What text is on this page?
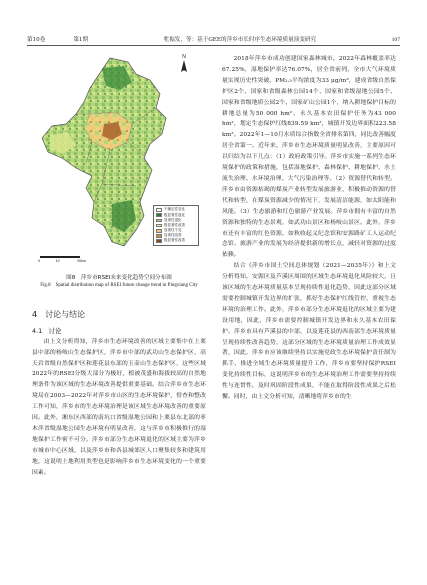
第10卷	第1期	牝振发，等：基于GEE的萍乡市长时序生态环境质量演变研究	107
N
不确定性变化
极显著性退化
显著性退化
极显著性改善
显著性不变
显著性改善
极显著性改善
0	10	20km
图8　萍乡市RSEI未来变化趋势空间分布图
Fig.8　Spatial distribution map of RSEI future change trend in Pingxiang City
4　讨论与结论
4.1　讨论

由上文分析得知，萍乡市生态环境改善的区域主要集中在上栗县中部的杨岐山生态保护区，萍乡市中部的武功山生态保护区，高天岩省级自然保护区和莲花县东部的玉壶山生态保护区，这些区域2022年的RSEI分级大部分为极好，植被茂盛和海拔较高的自然地理条件为该区域的生态环境改善提供重要基础。结合萍乡市生态环境局在2003—2022年对萍乡市山区的生态环境保护，督查和整改工作可知，萍乡市的生态环境治理是该区域生态环境改善的重要原因。此外，湘东区西部的南坑口省级湿地公园和上栗县东北部的枣木萍省级湿地公园生态环境有明显改善，这与萍乡市积极推行的湿地保护工作密不可分。萍乡市部分生态环境退化的区域主要为萍乡市城市中心区域，以及萍乡市和各县城郊区人口聚集较多和建筑用地，这说明土地利用类型也是影响萍乡市生态环境变化的一个重要因素。

2018年萍乡市成功创建国家森林城市，2022年森林覆盖率达67.25%，湿地保护率达76.07%，居全省前列，全市大气环境质量实现历史性突破，PM₂.₅平均浓度为33 μg/m³，建成省级自然保护区2个、国家和省级森林公园14个、国家和省级湿地公园5个、国家和省级地质公园2个、国家矿山公园1个，纳入耕地保护目标的耕地总量为50 000 hm²，永久基本农田保护任务为43 000 hm²，划定生态保护红线839.59 km²，城镇开发边界面积223.58 km²。2022年1—10月水质综合指数全省排名第四，同比改善幅度居全省第一。近年来，萍乡市生态环境质量明显改善，主要原因可以归结为以下几点：（1）政府政策引导。萍乡市实施一系列生态环境保护的政策和措施，包括湿地保护、森林保护、耕地保护，水土流失治理、水环境治理、大气污染治理等。（2）资源替代和转型。萍乡市由资源枯竭的煤炭产业转型发展旅游业，积极推动资源的替代和转型，在煤炭资源减少的情况下，发展清洁能源，如太阳能和风能。（3）生态旅游和红色旅游产业发展。萍乡市拥有丰富的自然资源和独特的生态景观，如武功山景区和杨岐山景区。此外，萍乡市还有丰富的红色资源，如秋收起义纪念馆和安源路矿工人运动纪念馆。旅游产业的发展为经济提供新的增长点，减轻对资源的过度依赖。

结合《萍乡市国土空间总体规划（2021—2035年）》和上文分析得知，安源区及芦溪区周围的区域生态环境退化风险较大，且该区域的生态环境质量基本呈现持续性退化趋势，因此这部分区域需要控制城镇开发边界的扩张，抓好生态保护红线管控，重视生态环境的治理工作。此外，萍乡市部分生态环境退化的区域主要为建设用地，因此，萍乡市需要控制城镇开发边界和永久基本农田保护。萍乡市具有芦溪县的中部，以及莲花县的西南部生态环境质量呈现持续性改善趋势，这部分区域的生态环境质量治理工作成效显著，因此，萍乡市应该继续坚持以实施党政生态环境保护责任制为抓手，推进全域生态环境质量提升工作，萍乡市要坚持保护RSEI变化持续性目标，这说明萍乡市的生态环境治理工作需要坚持持续性与连贯性，及时巩固阶段性成果，不能在取得阶段性成果之后松懈。同时，由上文分析可知，清晰地将萍乡市的生
